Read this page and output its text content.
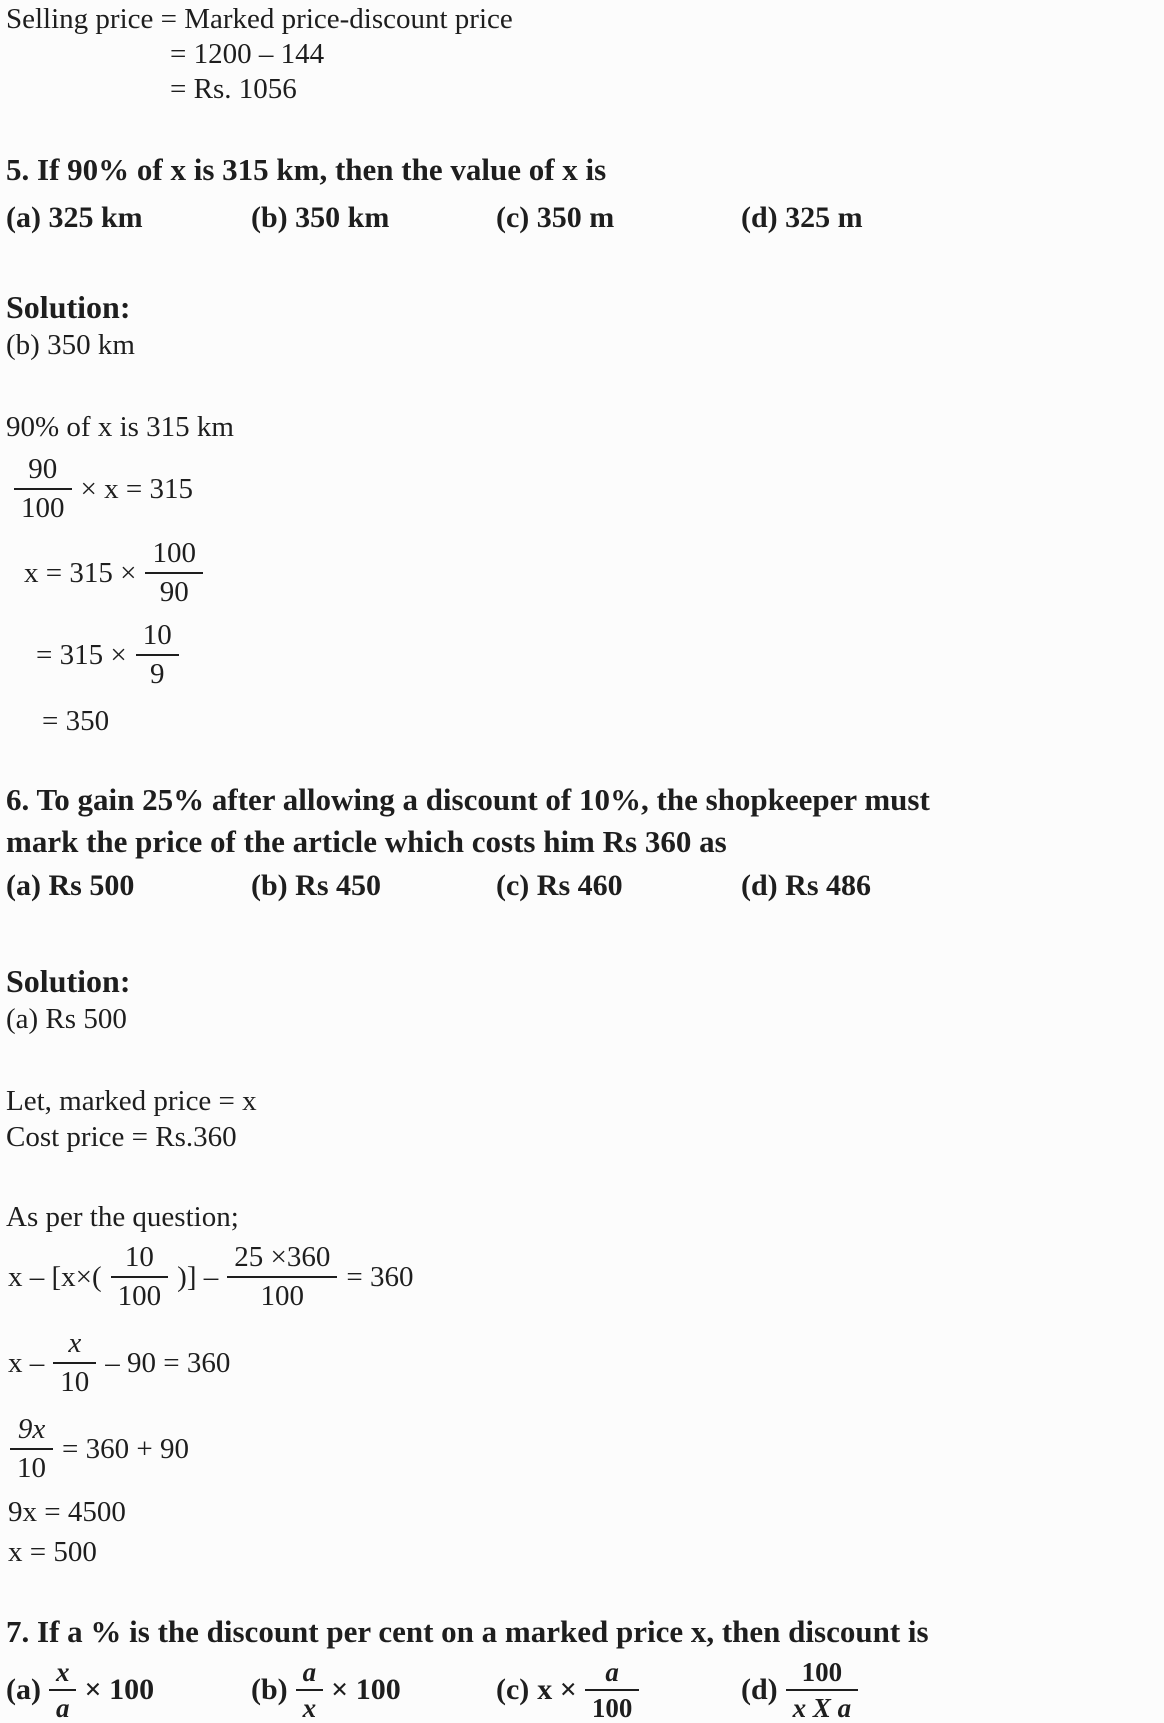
Selling price = Marked price-discount price
= 1200 – 144
= Rs. 1056
5. If 90% of x is 315 km, then the value of x is
(a) 325 km	(b) 350 km	(c) 350 m	(d) 325 m
Solution:
(b) 350 km
90% of x is 315 km
$\frac{90}{100} \times x = 315$
$x = 315 \times \frac{100}{90}$
= $315 \times \frac{10}{9}$
= 350
6. To gain 25% after allowing a discount of 10%, the shopkeeper must
mark the price of the article which costs him Rs 360 as
(a) Rs 500	(b) Rs 450	(c) Rs 460	(d) Rs 486
Solution:
(a) Rs 500
Let, marked price = x
Cost price = Rs.360
As per the question;
$x - [x\times( \frac{10}{100}$ )] – $\frac{25 \times 360}{100} = 360$
$x - \frac{x}{10} - 90 = 360$
$\frac{9x}{10} = 360 + 90$
9x = 4500
x = 500
7. If a % is the discount per cent on a marked price x, then discount is
$(a) \frac{x}{a} \times 100$	$(b) \frac{a}{x} \times 100$	(c) $x \times \frac{a}{100}$	$(d) \frac{100}{\text{x X a}}$
